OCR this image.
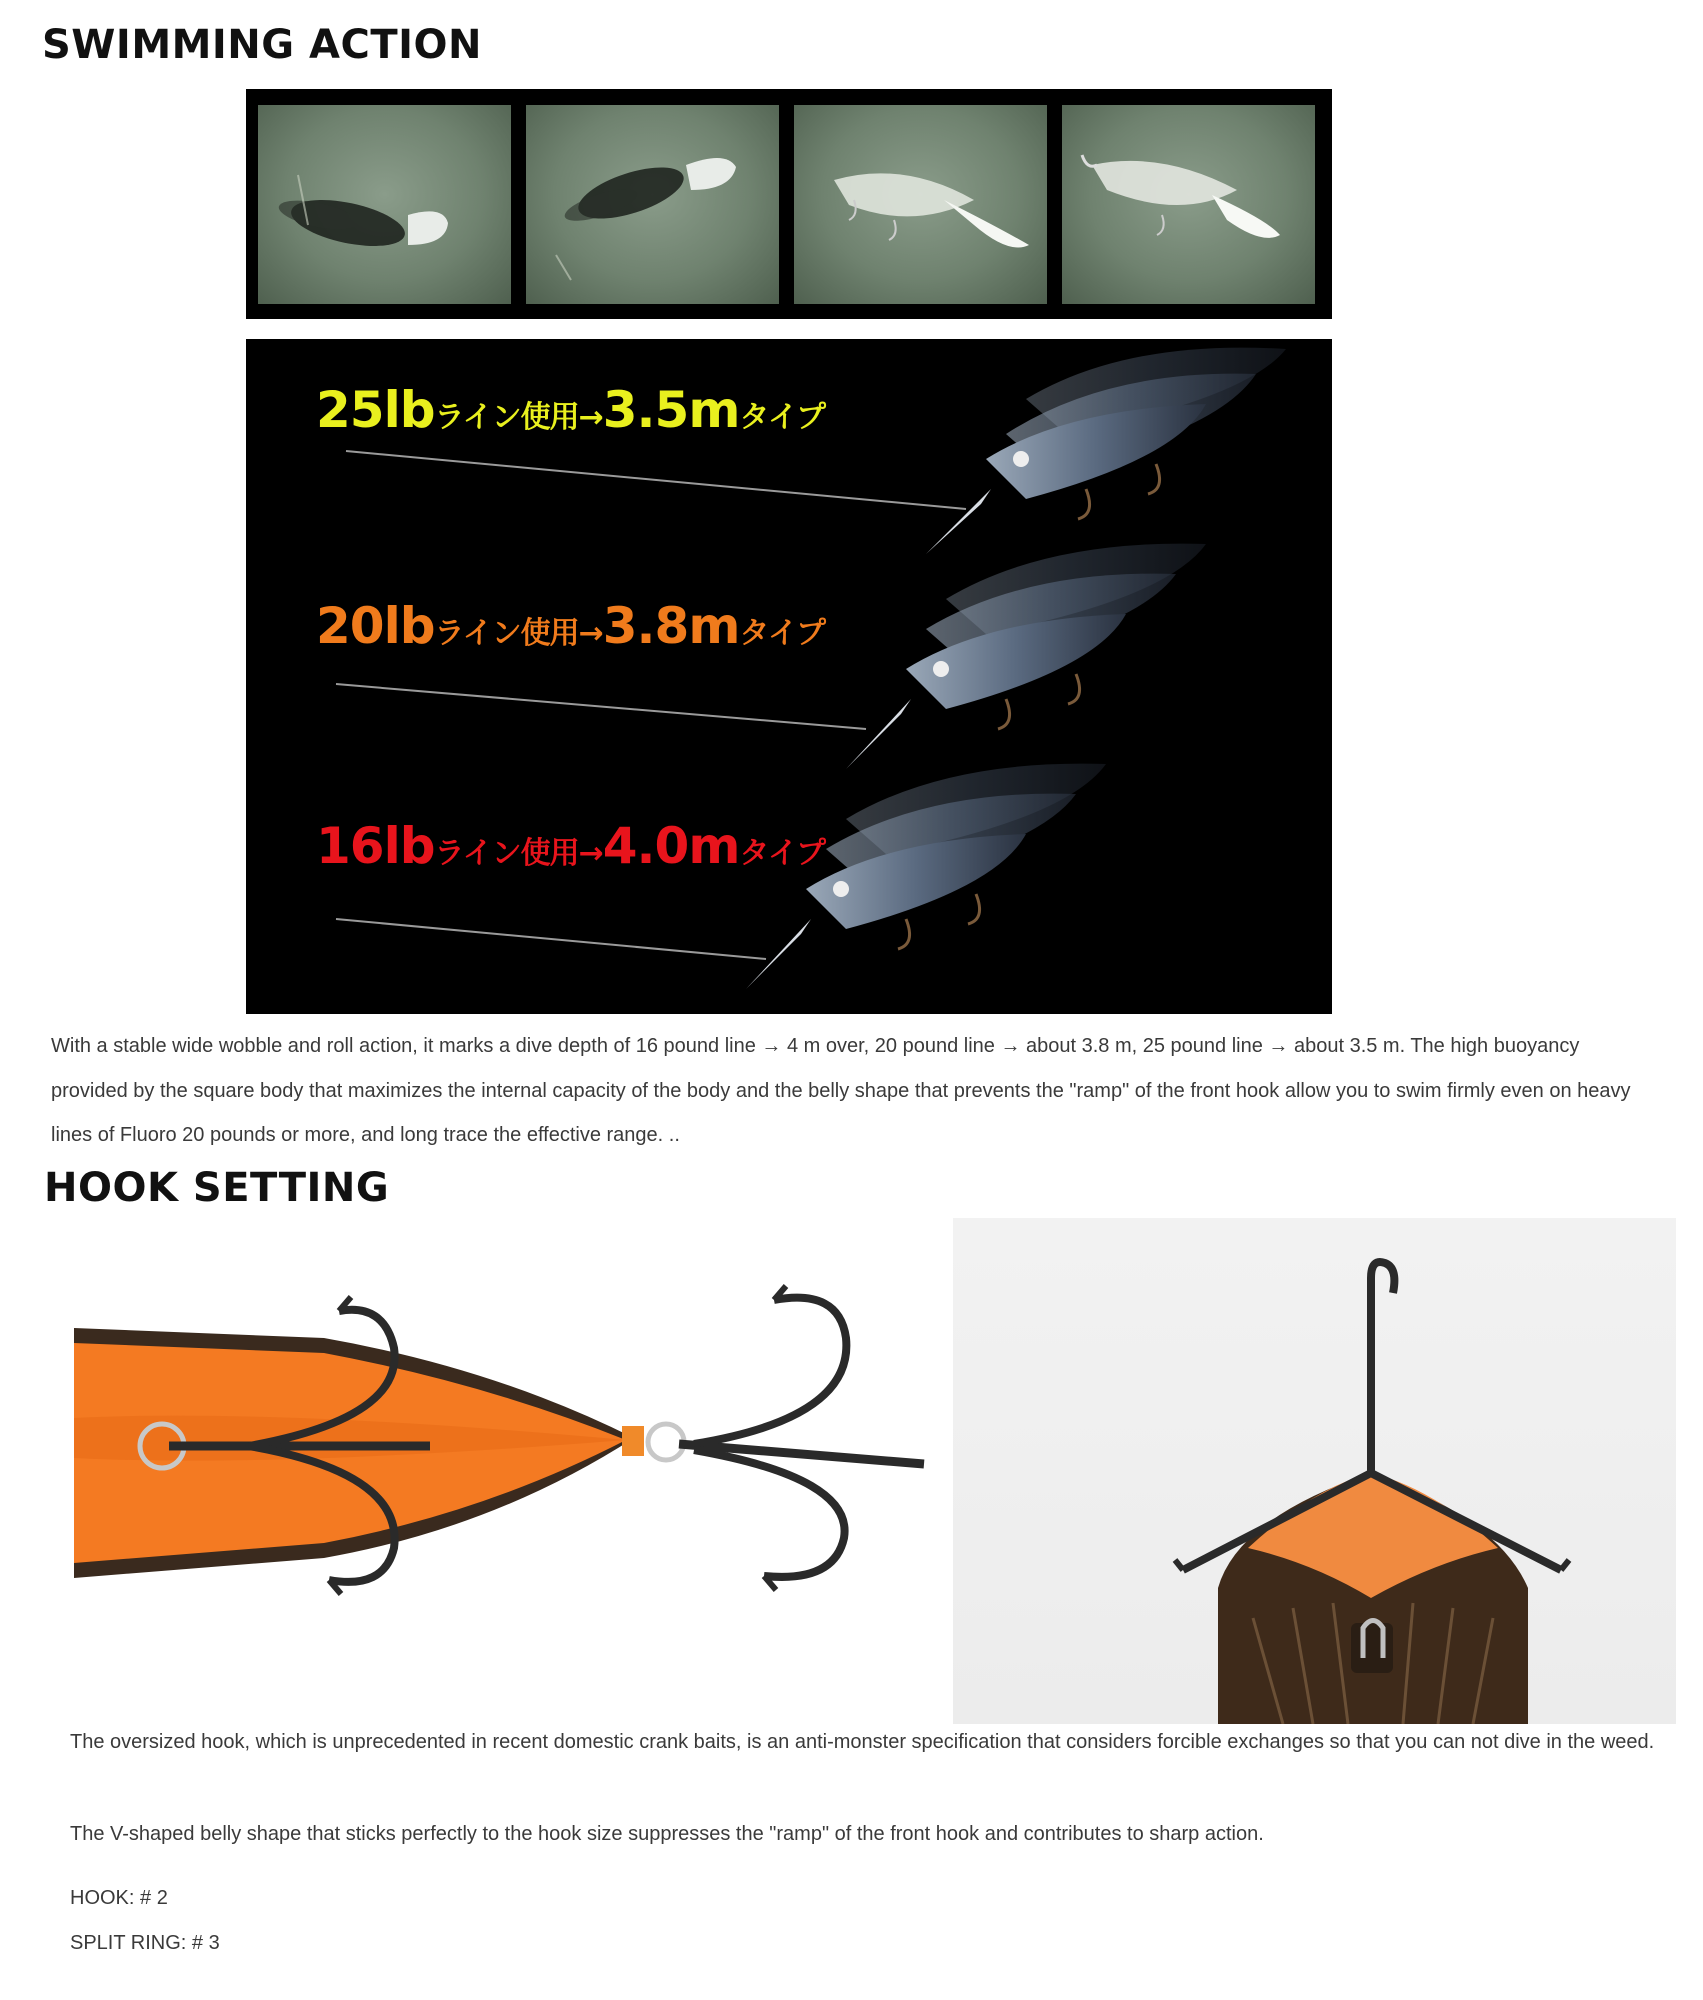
SWIMMING ACTION
25lbライン使用→3.5mタイプ
20lbライン使用→3.8mタイプ
16lbライン使用→4.0mタイプ

With a stable wide wobble and roll action, it marks a dive depth of 16 pound line → 4 m over, 20 pound line → about 3.8 m, 25 pound line → about 3.5 m. The high buoyancy provided by the square body that maximizes the internal capacity of the body and the belly shape that prevents the "ramp" of the front hook allow you to swim firmly even on heavy lines of Fluoro 20 pounds or more, and long trace the effective range. ..

HOOK SETTING

The oversized hook, which is unprecedented in recent domestic crank baits, is an anti-monster specification that considers forcible exchanges so that you can not dive in the weed.

The V-shaped belly shape that sticks perfectly to the hook size suppresses the "ramp" of the front hook and contributes to sharp action.

HOOK: # 2
SPLIT RING: # 3
